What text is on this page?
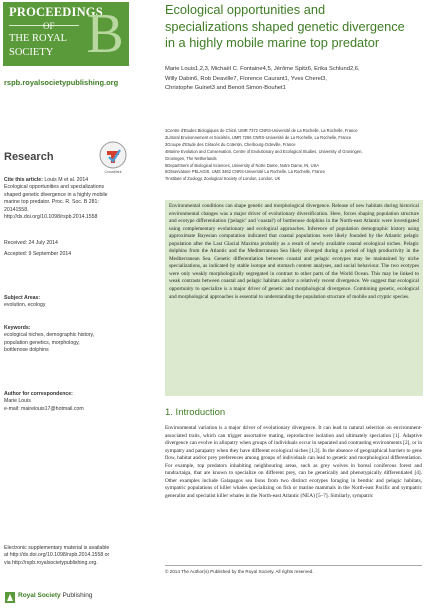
PROCEEDINGS
OF
THE ROYAL
SOCIETY B
rspb.royalsocietypublishing.org
Research
CrossMark
Cite this article: Louis M et al. 2014
Ecological opportunities and specializations
shaped genetic divergence in a highly mobile
marine top predator. Proc. R. Soc. B 281:
20141558.
http://dx.doi.org/10.1098/rspb.2014.1558
Received: 24 July 2014
Accepted: 9 September 2014
Subject Areas:
evolution, ecology
Keywords:
ecological niches, demographic history,
population genetics, morphology,
bottlenose dolphins
Author for correspondence:
Marie Louis
e-mail: mairelouis17@hotmail.com
Electronic supplementary material is available
at http://dx.doi.org/10.1098/rspb.2014.1558 or
via http://rspb.royalsocietypublishing.org.
Royal Society Publishing
Ecological opportunities and
specializations shaped genetic divergence
in a highly mobile marine top predator
Marie Louis1,2,3, Michaël C. Fontaine4,5, Jérôme Spitz6, Erika Schlund2,6,
Willy Dabin6, Rob Deaville7, Florence Caurant1, Yves Cherel3,
Christophe Guinet3 and Benoit Simon-Bouhet1
1Centre d'Etudes Biologiques de Chizé, UMR 7372 CNRS-Université de La Rochelle, La Rochelle, France
2Littoral Environnement et Sociétés, UMR 7266 CNRS-Université de La Rochelle, La Rochelle, France
3Groupe d'Etude des Cétacés du Cotentin, Cherbourg-Octeville, France
4Marine Evolution and Conservation, Centre of Evolutionary and Ecological Studies, University of Groningen,
Groningen, The Netherlands
5Department of Biological Sciences, University of Notre Dame, Notre Dame, IN, USA
6Observatoire PELAGIS, UMS 3462 CNRS-Université La Rochelle, La Rochelle, France
7Institute of Zoology, Zoological Society of London, London, UK

Environmental conditions can shape genetic and morphological divergence. Release of new habitats during historical environmental changes was a major driver of evolutionary diversification. Here, forces shaping population structure and ecotype differentiation ('pelagic' and 'coastal') of bottlenose dolphins in the North-east Atlantic were investigated using complementary evolutionary and ecological approaches. Inference of population demographic history using approximate Bayesian computation indicated that coastal populations were likely founded by the Atlantic pelagic population after the Last Glacial Maxima probably as a result of newly available coastal ecological niches. Pelagic dolphins from the Atlantic and the Mediterranean Sea likely diverged during a period of high productivity in the Mediterranean Sea. Genetic differentiation between coastal and pelagic ecotypes may be maintained by niche specializations, as indicated by stable isotope and stomach content analyses, and social behaviour. The two ecotypes were only weakly morphologically segregated in contrast to other parts of the World Ocean. This may be linked to weak contrasts between coastal and pelagic habitats and/or a relatively recent divergence. We suggest that ecological opportunity to specialize is a major driver of genetic and morphological divergence. Combining genetic, ecological and morphological approaches is essential to understanding the population structure of mobile and cryptic species.

1. Introduction

Environmental variation is a major driver of evolutionary divergence. It can lead to natural selection on environment-associated traits, which can trigger assortative mating, reproductive isolation and ultimately speciation [1]. Adaptive divergence can evolve in allopatry when groups of individuals occur in separated and contrasting environments [2], or in sympatry and parapatry when they have different ecological niches [1,3]. In the absence of geographical barriers to gene flow, habitat and/or prey preferences among groups of individuals can lead to genetic and morphological differentiation. For example, top predators inhabiting neighbouring areas, such as grey wolves in boreal coniferous forest and tundra/taiga, that are known to specialize on different prey, can be genetically and phenotypically differentiated [4]. Other examples include Galapagos sea lions from two distinct ecotypes foraging in benthic and pelagic habitats, sympatric populations of killer whales specializing on fish or marine mammals in the North-east Pacific and sympatric generalist and specialist killer whales in the North-east Atlantic (NEA) [5–7]. Similarly, sympatric

© 2014 The Author(s) Published by the Royal Society. All rights reserved.
